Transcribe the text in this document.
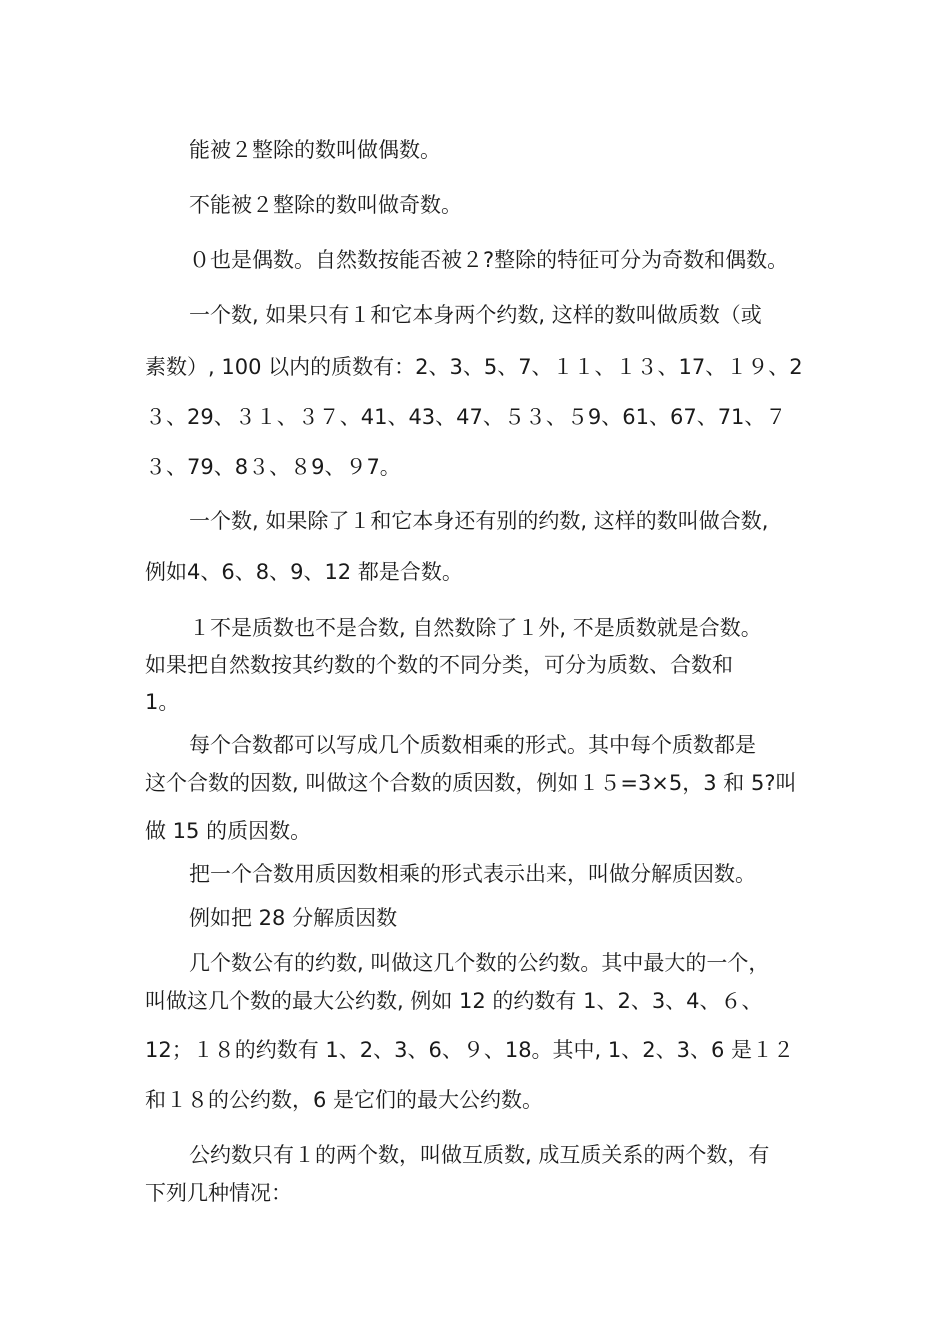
能被２整除的数叫做偶数。
不能被２整除的数叫做奇数。
０也是偶数。自然数按能否被２?整除的特征可分为奇数和偶数。
一个数, 如果只有１和它本身两个约数, 这样的数叫做质数（或
素数）, 100 以内的质数有：2、3、5、7、１１、１３、17、１９、2
３、29、３１、３７、41、43、47、５３、５9、61、67、71、７
３、79、8３、８9、９7。
一个数, 如果除了１和它本身还有别的约数, 这样的数叫做合数,
例如4、6、8、9、12 都是合数。
１不是质数也不是合数, 自然数除了１外, 不是质数就是合数。
如果把自然数按其约数的个数的不同分类，可分为质数、合数和
1。
每个合数都可以写成几个质数相乘的形式。其中每个质数都是
这个合数的因数, 叫做这个合数的质因数，例如１５=3×5，3 和 5?叫
做 15 的质因数。
把一个合数用质因数相乘的形式表示出来，叫做分解质因数。
例如把 28 分解质因数
几个数公有的约数, 叫做这几个数的公约数。其中最大的一个，
叫做这几个数的最大公约数, 例如 12 的约数有 1、2、3、4、６、
12；１８的约数有 1、2、3、6、９、18。其中, 1、2、3、6 是１２
和１８的公约数，6 是它们的最大公约数。
公约数只有１的两个数，叫做互质数, 成互质关系的两个数，有
下列几种情况：
